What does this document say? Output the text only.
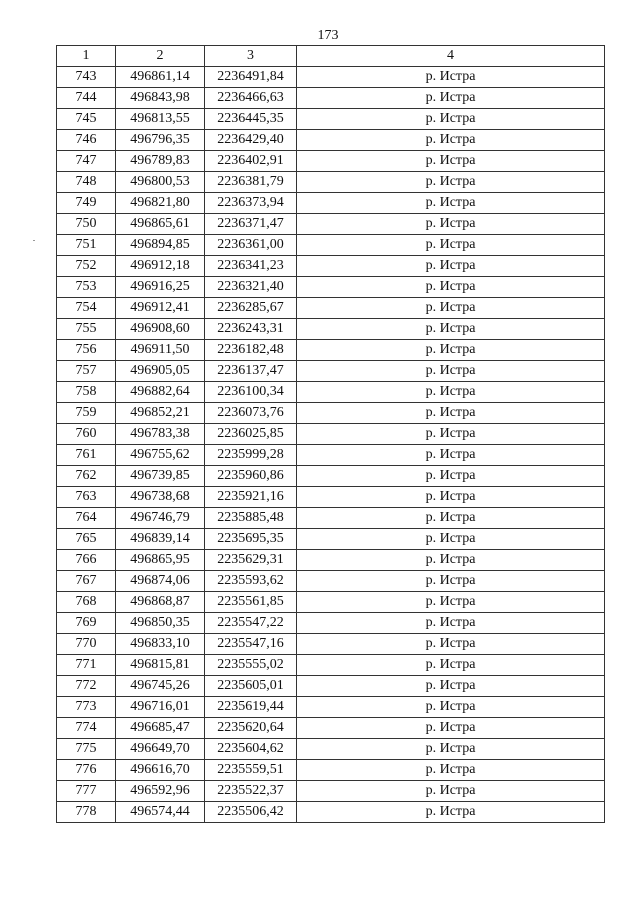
173
1	2	3	4
743	496861,14	2236491,84	р. Истра
744	496843,98	2236466,63	р. Истра
745	496813,55	2236445,35	р. Истра
746	496796,35	2236429,40	р. Истра
747	496789,83	2236402,91	р. Истра
748	496800,53	2236381,79	р. Истра
749	496821,80	2236373,94	р. Истра
750	496865,61	2236371,47	р. Истра
751	496894,85	2236361,00	р. Истра
752	496912,18	2236341,23	р. Истра
753	496916,25	2236321,40	р. Истра
754	496912,41	2236285,67	р. Истра
755	496908,60	2236243,31	р. Истра
756	496911,50	2236182,48	р. Истра
757	496905,05	2236137,47	р. Истра
758	496882,64	2236100,34	р. Истра
759	496852,21	2236073,76	р. Истра
760	496783,38	2236025,85	р. Истра
761	496755,62	2235999,28	р. Истра
762	496739,85	2235960,86	р. Истра
763	496738,68	2235921,16	р. Истра
764	496746,79	2235885,48	р. Истра
765	496839,14	2235695,35	р. Истра
766	496865,95	2235629,31	р. Истра
767	496874,06	2235593,62	р. Истра
768	496868,87	2235561,85	р. Истра
769	496850,35	2235547,22	р. Истра
770	496833,10	2235547,16	р. Истра
771	496815,81	2235555,02	р. Истра
772	496745,26	2235605,01	р. Истра
773	496716,01	2235619,44	р. Истра
774	496685,47	2235620,64	р. Истра
775	496649,70	2235604,62	р. Истра
776	496616,70	2235559,51	р. Истра
777	496592,96	2235522,37	р. Истра
778	496574,44	2235506,42	р. Истра
